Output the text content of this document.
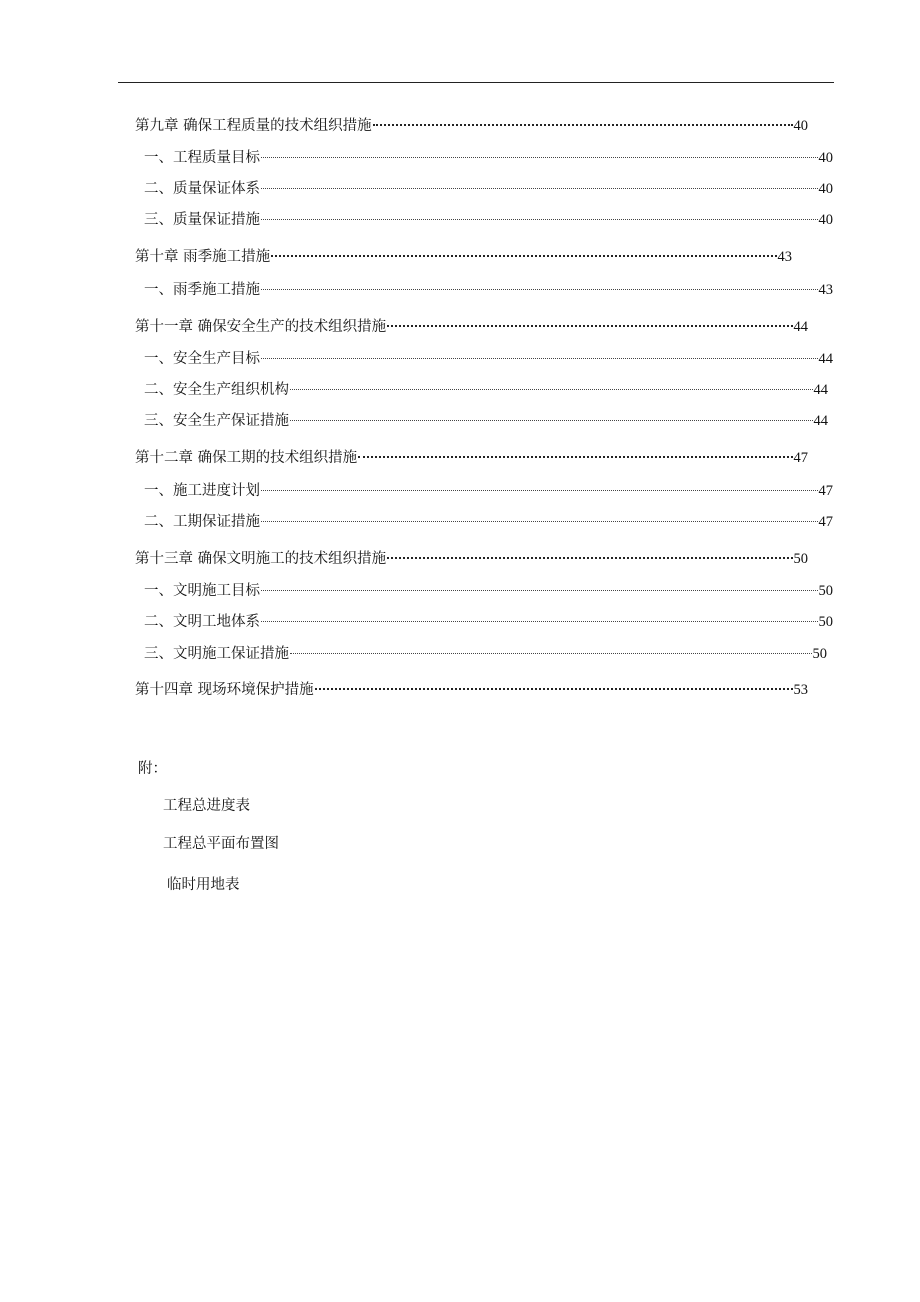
第九章 确保工程质量的技术组织措施	40
一、工程质量目标	40
二、质量保证体系	40
三、质量保证措施	40
第十章 雨季施工措施	43
一、雨季施工措施	43
第十一章 确保安全生产的技术组织措施	44
一、安全生产目标	44
二、安全生产组织机构	44
三、安全生产保证措施	44
第十二章 确保工期的技术组织措施	47
一、施工进度计划	47
二、工期保证措施	47
第十三章 确保文明施工的技术组织措施	50
一、文明施工目标	50
二、文明工地体系	50
三、文明施工保证措施	50
第十四章 现场环境保护措施	53
附：
工程总进度表
工程总平面布置图
临时用地表
